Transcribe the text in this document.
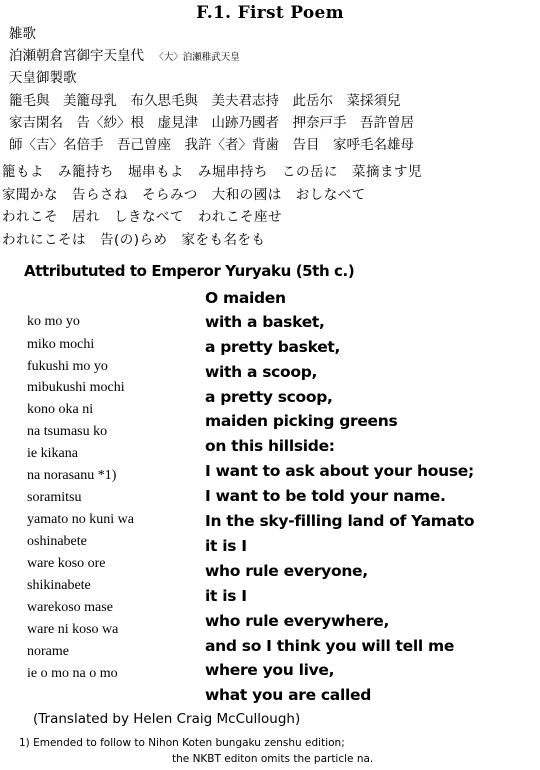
F.1. First Poem
雑歌
泊瀬朝倉宮御宇天皇代 〈大〉泊瀬稚武天皇
天皇御製歌
籠毛與　美籠母乳　布久思毛與　美夫君志持　此岳尓　菜採須兒
家吉閑名　告〈紗〉根　虚見津　山跡乃國者　押奈戸手　吾許曽居
師〈吉〉名倍手　吾己曽座　我許〈者〉背歯　告目　家呼毛名雄母
籠もよ　み籠持ち　堀串もよ　み堀串持ち　この岳に　菜摘ます児
家聞かな　告らさね　そらみつ　大和の國は　おしなべて
われこそ　居れ　しきなべて　われこそ座せ
われにこそは　告(の)らめ　家をも名をも
Attribututed to Emperor Yuryaku (5th c.)
ko mo yo
miko mochi
fukushi mo yo
mibukushi mochi
kono oka ni
na tsumasu ko
ie kikana
na norasanu *1)
soramitsu
yamato no kuni wa
oshinabete
ware koso ore
shikinabete
warekoso mase
ware ni koso wa
norame
ie o mo na o mo
O maiden
with a basket,
a pretty basket,
with a scoop,
a pretty scoop,
maiden picking greens
on this hillside:
I want to ask about your house;
I want to be told your name.
In the sky-filling land of Yamato
it is I
who rule everyone,
it is I
who rule everywhere,
and so I think you will tell me
where you live,
what you are called
(Translated by Helen Craig McCullough)
1) Emended to follow to Nihon Koten bungaku zenshu edition;
the NKBT editon omits the particle na.
